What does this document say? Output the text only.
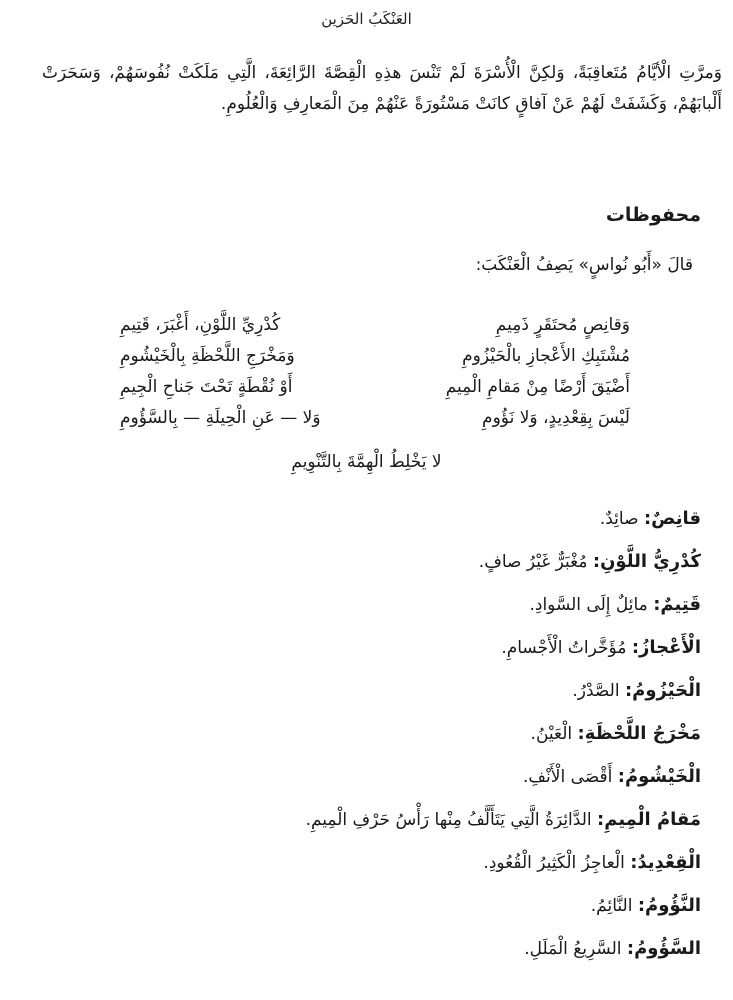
العَنْكَبُ الحَزين

وَمرَّتِ الْأيَّامُ مُتَعاقِبَةً، وَلكِنَّ الْأُسْرَةَ لَمْ تَنْسَ هذِهِ الْقِصَّةَ الرَّائِعَةَ، الَّتِي مَلَكَتْ نُفُوسَهُمْ، وَسَحَرَتْ أَلْبابَهُمْ، وَكَشَفَتْ لَهُمْ عَنْ آفاقٍ كانَتْ مَسْتُورَةً عَنْهُمْ مِنَ الْمَعارِفِ وَالْعُلُومِ.

محفوظات

قالَ «أَبُو نُواسٍ» يَصِفُ الْعَنْكَبَ:

وَقانِصٍ مُحتَقَرٍ ذَمِيمِ
كُدْرِيِّ اللَّوْنِ، أَغْبَرَ، قَتِيمِ
مُشْتَبِكِ الأَعْجازِ بالْحَيْزُومِ
وَمَخْرَجِ اللَّحْظَةِ بِالْخَيْشُومِ
أَضْيَقَ أَرْضًا مِنْ مَقامِ الْمِيمِ
أَوْ نُقْطَةٍ تَحْتَ جَناحِ الْجِيمِ
لَيْسَ بِقِعْدِيدٍ، وَلا نَؤُومِ
وَلا — عَنِ الْحِيلَةِ — بِالسَّؤُومِ
لا يَخْلِطُ الْهِمَّةَ بِالتَّنْوِيمِ
قانِصٌ: صائِدٌ.
كُدْرِيُّ اللَّوْنِ: مُغْبَرٌّ غَيْرُ صافٍ.
قَتِيمٌ: مائِلٌ إِلَى السَّوادِ.
الْأَعْجازُ: مُؤَخَّراتُ الْأَجْسامِ.
الْحَيْزُومُ: الصَّدْرُ.
مَخْرَجُ اللَّحْظَةِ: الْعَيْنُ.
الْخَيْشُومُ: أَقْصَى الْأَنْفِ.
مَقامُ الْمِيمِ: الدَّائِرَةُ الَّتِي يَتَأَلَّفُ مِنْها رَأْسُ حَرْفِ الْمِيمِ.
الْقِعْدِيدُ: الْعاجِزُ الْكَثِيرُ الْقُعُودِ.
النَّؤُومُ: النَّائِمُ.
السَّؤُومُ: السَّرِيعُ الْمَلَلِ.
